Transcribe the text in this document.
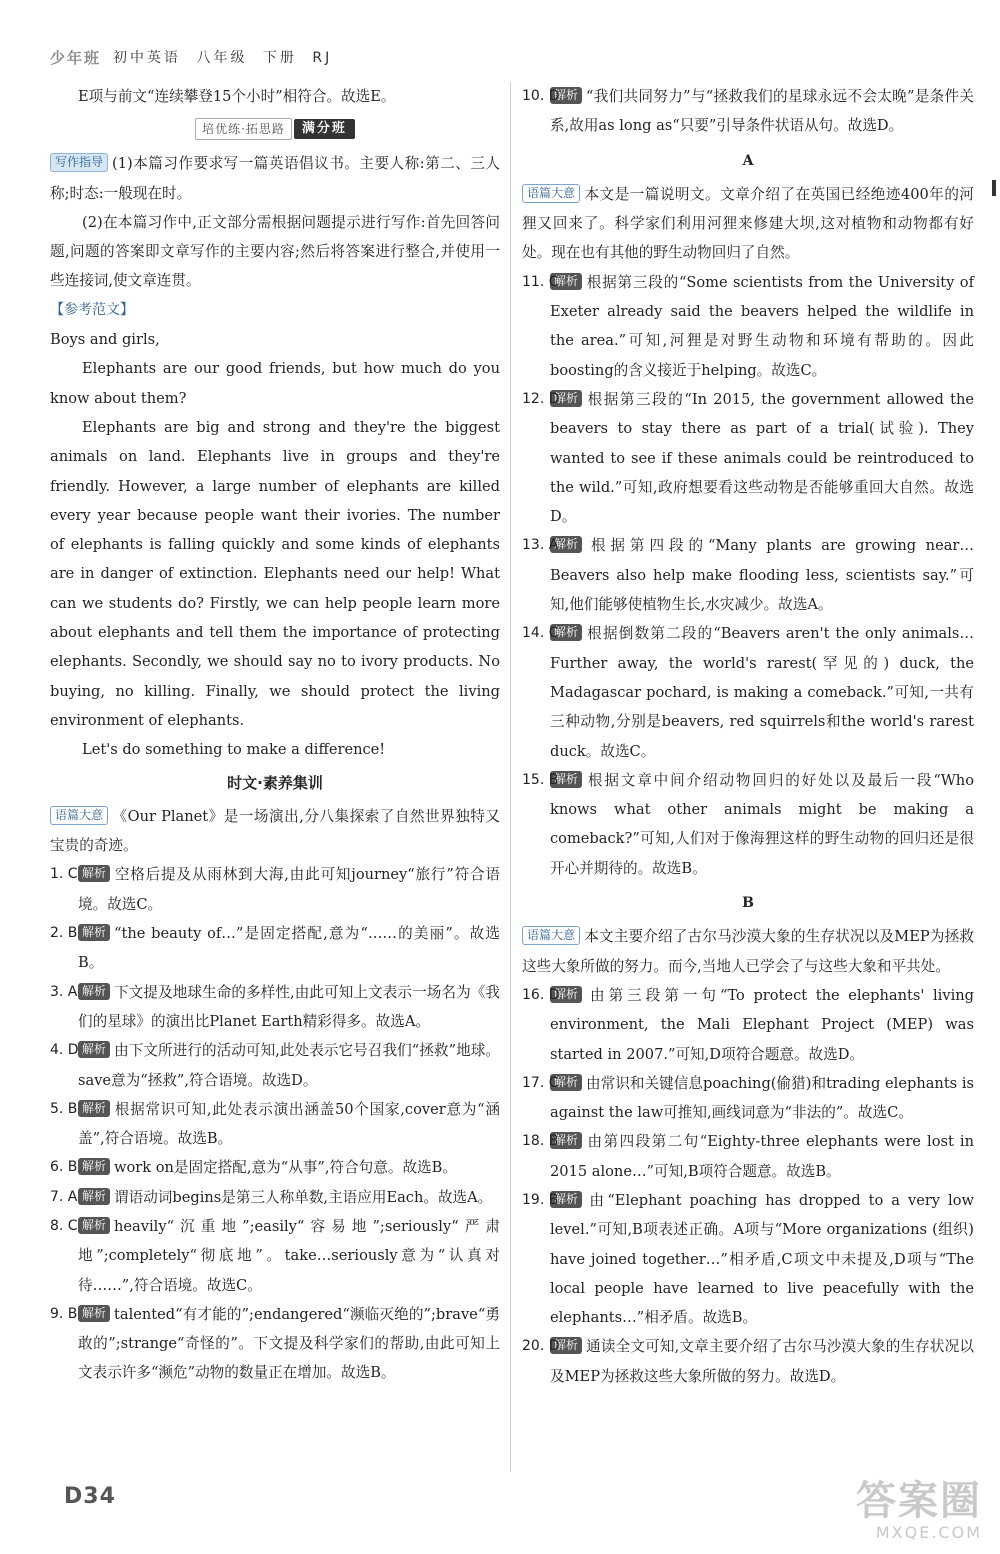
少年班 初中英语 八年级 下册 RJ

E项与前文“连续攀登15个小时”相符合。故选E。

培优练·拓思路	满分班

写作指导 (1)本篇习作要求写一篇英语倡议书。主要人称:第二、三人称;时态:一般现在时。

(2)在本篇习作中,正文部分需根据问题提示进行写作:首先回答问题,问题的答案即文章写作的主要内容;然后将答案进行整合,并使用一些连接词,使文章连贯。

【参考范文】

Boys and girls,

Elephants are our good friends, but how much do you know about them?

Elephants are big and strong and they're the biggest animals on land. Elephants live in groups and they're friendly. However, a large number of elephants are killed every year because people want their ivories. The number of elephants is falling quickly and some kinds of elephants are in danger of extinction. Elephants need our help! What can we students do? Firstly, we can help people learn more about elephants and tell them the importance of protecting elephants. Secondly, we should say no to ivory products. No buying, no killing. Finally, we should protect the living environment of elephants.

Let's do something to make a difference!

时文·素养集训

语篇大意 《Our Planet》是一场演出,分八集探索了自然世界独特又宝贵的奇迹。

1. C 解析 空格后提及从雨林到大海,由此可知journey“旅行”符合语境。故选C。
2. B 解析 “the beauty of…”是固定搭配,意为“……的美丽”。故选B。
3. A 解析 下文提及地球生命的多样性,由此可知上文表示一场名为《我们的星球》的演出比Planet Earth精彩得多。故选A。
4. D 解析 由下文所进行的活动可知,此处表示它号召我们“拯救”地球。save意为“拯救”,符合语境。故选D。
5. B 解析 根据常识可知,此处表示演出涵盖50个国家,cover意为“涵盖”,符合语境。故选B。
6. B 解析 work on是固定搭配,意为“从事”,符合句意。故选B。
7. A 解析 谓语动词begins是第三人称单数,主语应用Each。故选A。
8. C 解析 heavily“沉重地”;easily“容易地”;seriously“严肃地”;completely“彻底地”。take…seriously意为“认真对待……”,符合语境。故选C。
9. B 解析 talented“有才能的”;endangered“濒临灭绝的”;brave“勇敢的”;strange“奇怪的”。下文提及科学家们的帮助,由此可知上文表示许多“濒危”动物的数量正在增加。故选B。
10. D
解析 “我们共同努力”与“拯救我们的星球永远不会太晚”是条件关系,故用as long as“只要”引导条件状语从句。故选D。
A

语篇大意 本文是一篇说明文。文章介绍了在英国已经绝迹400年的河狸又回来了。科学家们利用河狸来修建大坝,这对植物和动物都有好处。现在也有其他的野生动物回归了自然。

11. C
解析 根据第三段的“Some scientists from the University of Exeter already said the beavers helped the wildlife in the area.”可知,河狸是对野生动物和环境有帮助的。因此boosting的含义接近于helping。故选C。
12. D
解析 根据第三段的“In 2015, the government allowed the beavers to stay there as part of a trial(试验). They wanted to see if these animals could be reintroduced to the wild.”可知,政府想要看这些动物是否能够重回大自然。故选D。
13. A
解析 根据第四段的“Many plants are growing near… Beavers also help make flooding less, scientists say.”可知,他们能够使植物生长,水灾减少。故选A。
14. C
解析 根据倒数第二段的“Beavers aren't the only animals…Further away, the world's rarest(罕见的) duck, the Madagascar pochard, is making a comeback.”可知,一共有三种动物,分别是beavers, red squirrels和the world's rarest duck。故选C。
15. B
解析 根据文章中间介绍动物回归的好处以及最后一段“Who knows what other animals might be making a comeback?”可知,人们对于像海狸这样的野生动物的回归还是很开心并期待的。故选B。
B

语篇大意 本文主要介绍了古尔马沙漠大象的生存状况以及MEP为拯救这些大象所做的努力。而今,当地人已学会了与这些大象和平共处。

16. D
解析 由第三段第一句“To protect the elephants' living environment, the Mali Elephant Project (MEP) was started in 2007.”可知,D项符合题意。故选D。
17. C
解析 由常识和关键信息poaching(偷猎)和trading elephants is against the law可推知,画线词意为“非法的”。故选C。
18. B
解析 由第四段第二句“Eighty-three elephants were lost in 2015 alone…”可知,B项符合题意。故选B。
19. B
解析 由“Elephant poaching has dropped to a very low level.”可知,B项表述正确。A项与“More organizations (组织) have joined together…”相矛盾,C项文中未提及,D项与“The local people have learned to live peacefully with the elephants…”相矛盾。故选B。
20. D
解析 通读全文可知,文章主要介绍了古尔马沙漠大象的生存状况以及MEP为拯救这些大象所做的努力。故选D。
D34	答案圈
MXQE.COM
